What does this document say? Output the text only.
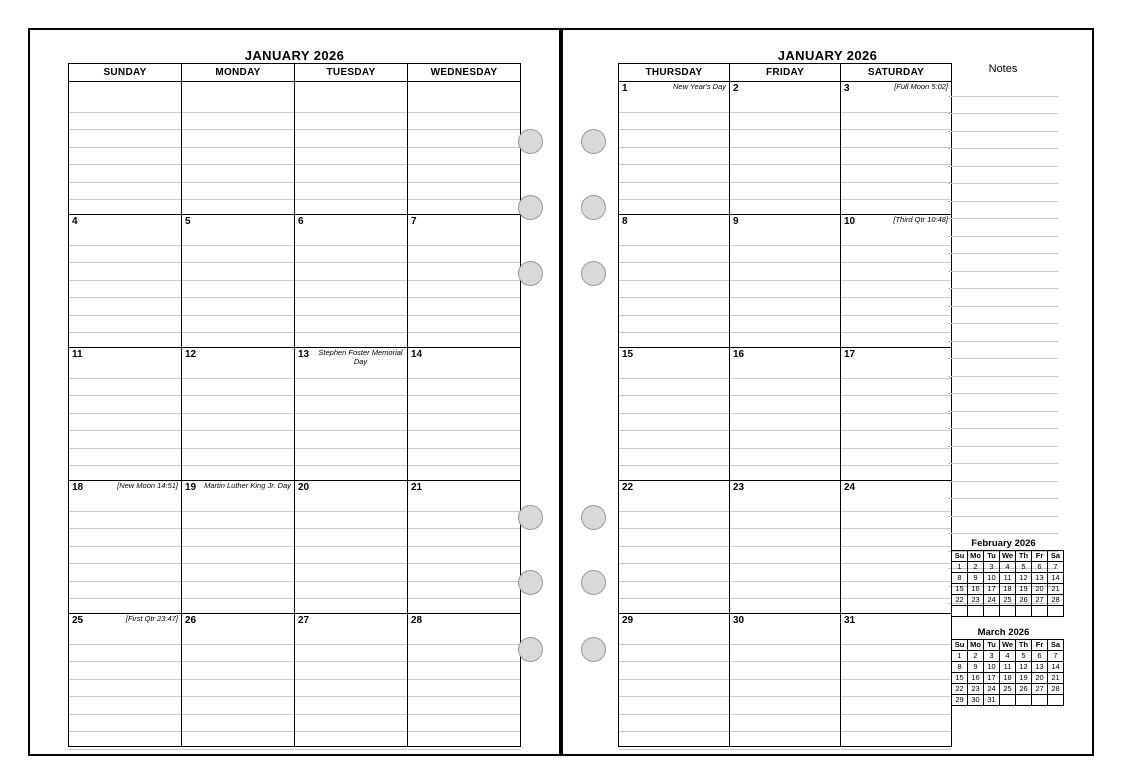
JANUARY 2026
SUNDAY	MONDAY	TUESDAY	WEDNESDAY

4	5	6	7

11	12	13 Stephen Foster Memorial Day	14

18 [New Moon 14:51]	19 Martin Luther King Jr. Day	20	21

25 [First Qtr 23:47]	26	27	28
JANUARY 2026
THURSDAY	FRIDAY	SATURDAY

1 New Year's Day	2	3 [Full Moon 5:02]

8	9	10 [Third Qtr 10:48]

15	16	17

22	23	24

29	30	31
Notes
February 2026
Su	Mo	Tu	We	Th	Fr	Sa
1	2	3	4	5	6	7
8	9	10	11	12	13	14
15	16	17	18	19	20	21
22	23	24	25	26	27	28

March 2026
Su	Mo	Tu	We	Th	Fr	Sa
1	2	3	4	5	6	7
8	9	10	11	12	13	14
15	16	17	18	19	20	21
22	23	24	25	26	27	28
29	30	31				
